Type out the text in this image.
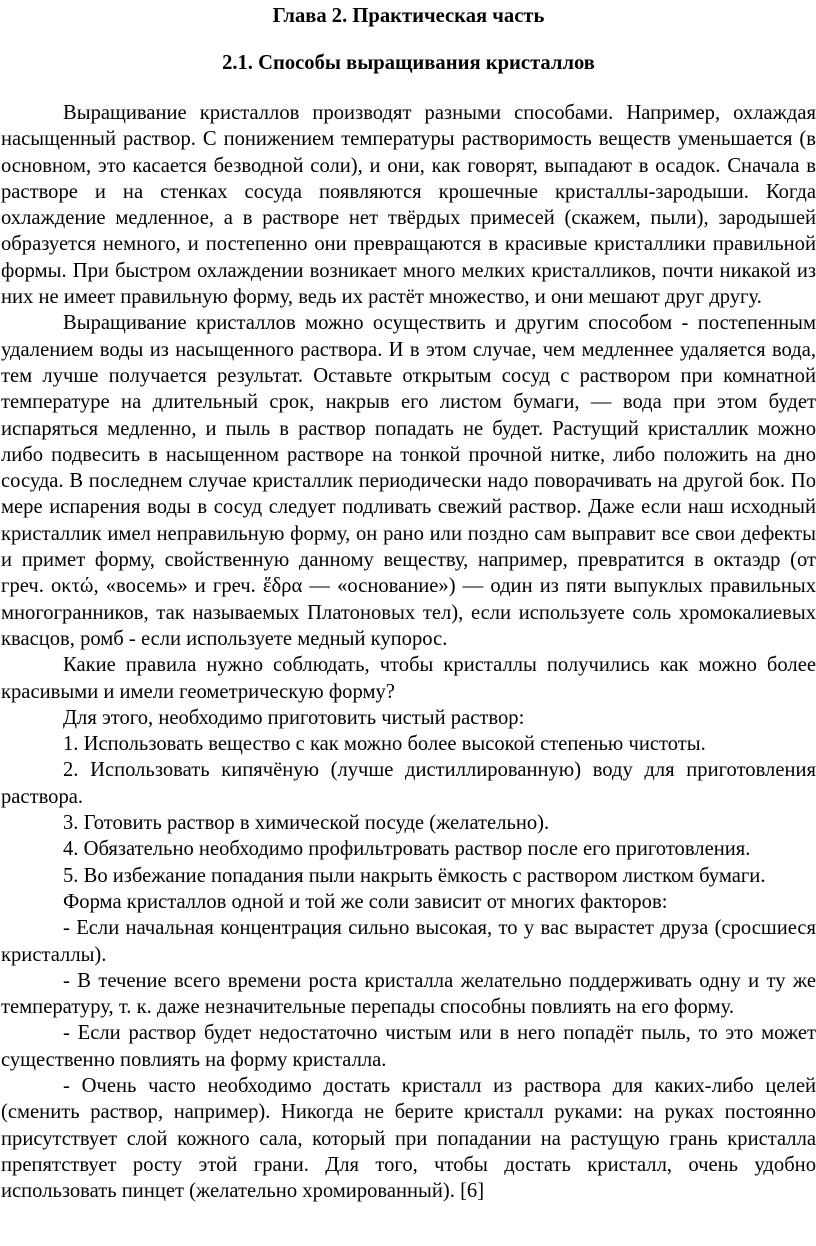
Глава 2. Практическая часть
2.1. Способы выращивания кристаллов

Выращивание кристаллов производят разными способами. Например, охлаждая насыщенный раствор. С понижением температуры растворимость веществ уменьшается (в основном, это касается безводной соли), и они, как говорят, выпадают в осадок. Сначала в растворе и на стенках сосуда появляются крошечные кристаллы-зародыши. Когда охлаждение медленное, а в растворе нет твёрдых примесей (скажем, пыли), зародышей образуется немного, и постепенно они превращаются в красивые кристаллики правильной формы. При быстром охлаждении возникает много мелких кристалликов, почти никакой из них не имеет правильную форму, ведь их растёт множество, и они мешают друг другу.

Выращивание кристаллов можно осуществить и другим способом - постепенным удалением воды из насыщенного раствора. И в этом случае, чем медленнее удаляется вода, тем лучше получается результат. Оставьте открытым сосуд с раствором при комнатной температуре на длительный срок, накрыв его листом бумаги, — вода при этом будет испаряться медленно, и пыль в раствор попадать не будет. Растущий кристаллик можно либо подвесить в насыщенном растворе на тонкой прочной нитке, либо положить на дно сосуда. В последнем случае кристаллик периодически надо поворачивать на другой бок. По мере испарения воды в сосуд следует подливать свежий раствор. Даже если наш исходный кристаллик имел неправильную форму, он рано или поздно сам выправит все свои дефекты и примет форму, свойственную данному веществу, например, превратится в октаэдр (от греч. οκτώ, «восемь» и греч. ἕδρα — «основание») — один из пяти выпуклых правильных многогранников, так называемых Платоновых тел), если используете соль хромокалиевых квасцов, ромб - если используете медный купорос.

Какие правила нужно соблюдать, чтобы кристаллы получились как можно более красивыми и имели геометрическую форму?

Для этого, необходимо приготовить чистый раствор:

1. Использовать вещество с как можно более высокой степенью чистоты.

2. Использовать кипячёную (лучше дистиллированную) воду для приготовления раствора.

3. Готовить раствор в химической посуде (желательно).

4. Обязательно необходимо профильтровать раствор после его приготовления.

5. Во избежание попадания пыли накрыть ёмкость с раствором листком бумаги.

Форма кристаллов одной и той же соли зависит от многих факторов:

- Если начальная концентрация сильно высокая, то у вас вырастет друза (сросшиеся кристаллы).

- В течение всего времени роста кристалла желательно поддерживать одну и ту же температуру, т. к. даже незначительные перепады способны повлиять на его форму.

- Если раствор будет недостаточно чистым или в него попадёт пыль, то это может существенно повлиять на форму кристалла.

- Очень часто необходимо достать кристалл из раствора для каких-либо целей (сменить раствор, например). Никогда не берите кристалл руками: на руках постоянно присутствует слой кожного сала, который при попадании на растущую грань кристалла препятствует росту этой грани. Для того, чтобы достать кристалл, очень удобно использовать пинцет (желательно хромированный). [6]
